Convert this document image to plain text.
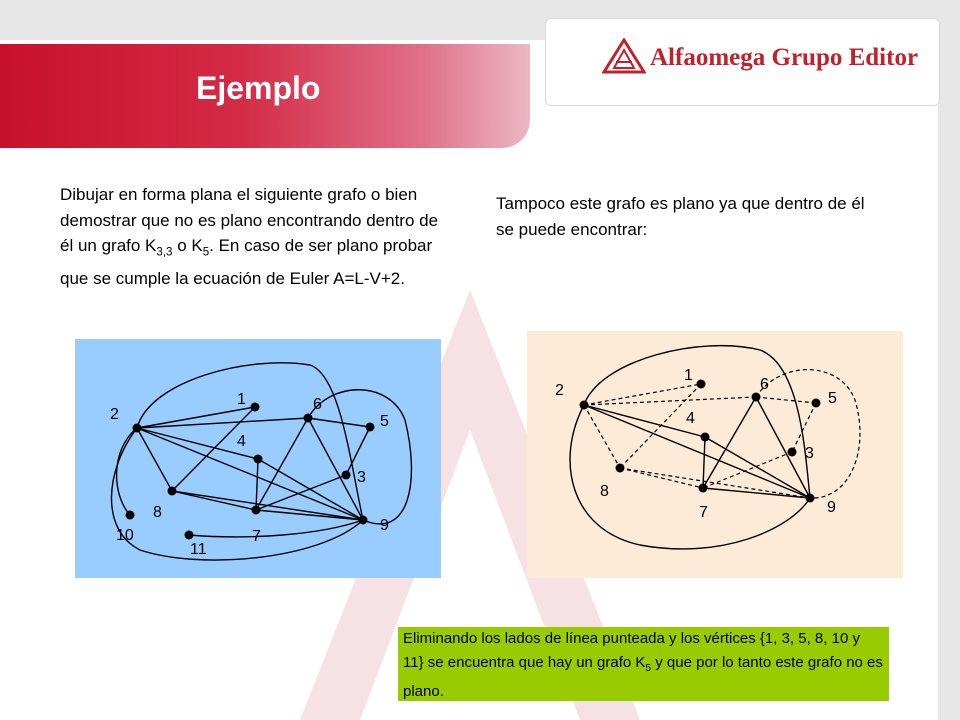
Ejemplo
Alfaomega Grupo Editor
Dibujar en forma plana el siguiente grafo o bien demostrar que no es plano encontrando dentro de él un grafo $K_{3,3}$ o $K_5$. En caso de ser plano probar que se cumple la ecuación de Euler A=L-V+2.
Tampoco este grafo es plano ya que dentro de él se puede encontrar:
1
2
3
4
5
6
7
8
9
10
11
1
2
3
4
5
6
7
8
9
Eliminando los lados de línea punteada y los vértices {1, 3, 5, 8, 10 y 11} se encuentra que hay un grafo $K_5$ y que por lo tanto este grafo no es plano.
